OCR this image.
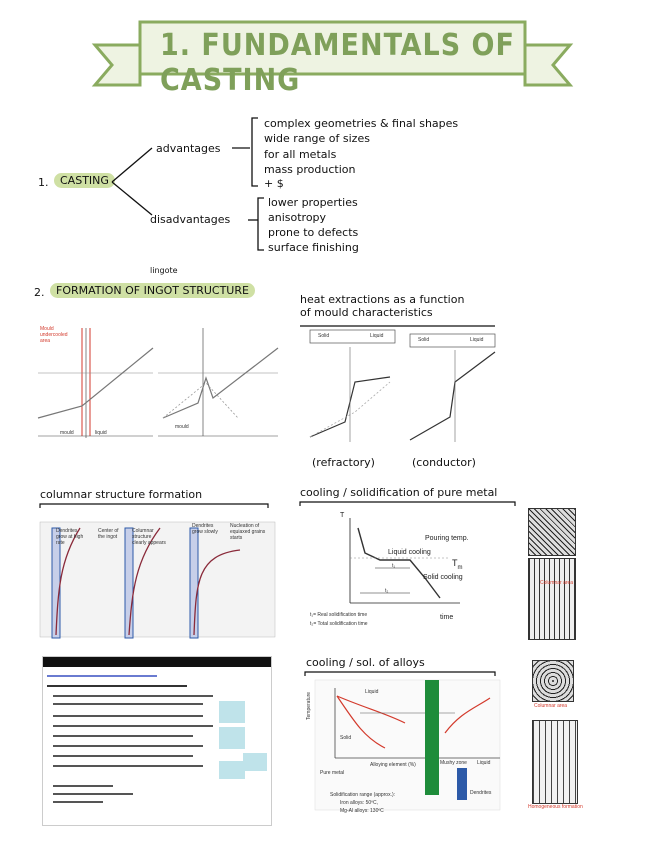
1. FUNDAMENTALS OF CASTING
1.	CASTING
advantages
complex geometries & final shapes
wide range of sizes
for all metals
mass production
+ $
disadvantages
lower properties
anisotropy
prone to defects
surface finishing
2.	FORMATION OF INGOT STRUCTURE
lingote
Mould undercooled area
mould	liquid
mould
heat extractions as a function
of mould characteristics
Solid	Liquid
Solid	Liquid
(refractory)	(conductor)
columnar structure formation
Dendrites grow at high rate
Center of the ingot
Columnar structure clearly appears
Dendrites grow slowly
Nucleation of equiaxed grains starts
cooling / solidification of pure metal
T
Pouring temp.
Liquid cooling
$T_m$
Solid cooling
t₁
t₂
t₁= Real solidification time
t₂= Total solidification time
time
Columnar area
Columnar area
Homogeneous formation
cooling / sol. of alloys
Liquid
Solid
Temperature
Alloying element (%)
Pure metal
Mushy zone Liquid
Dendrites
Solidification range (approx.):
Iron alloys: 50ºC,
Mg-Al alloys: 130ºC
